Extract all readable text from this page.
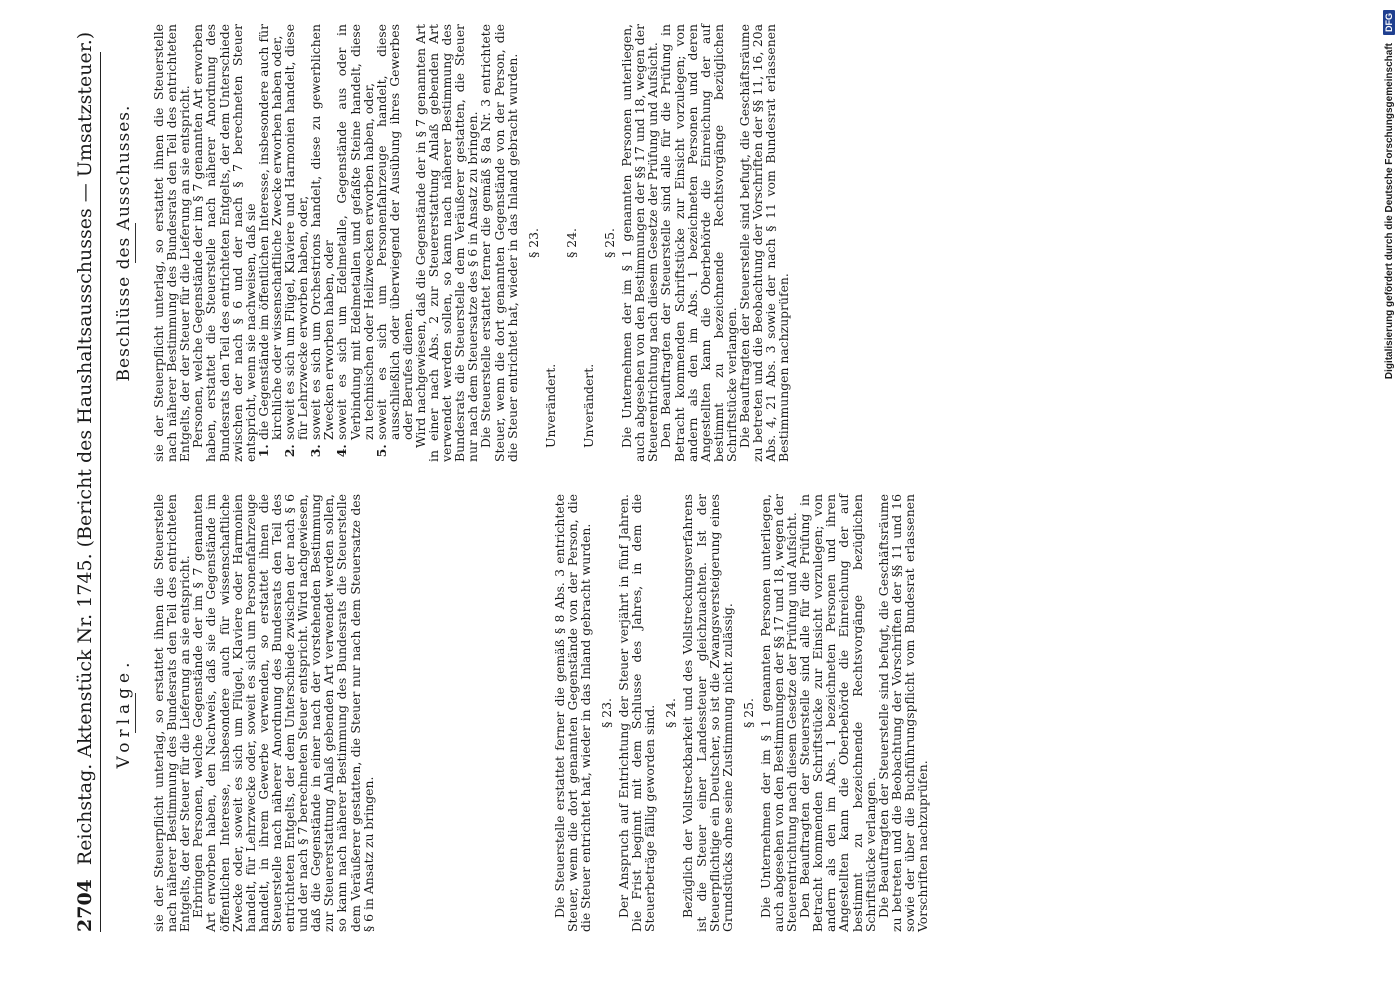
2704
Reichstag. Aktenstück Nr. 1745. (Bericht des Haushaltsausschusses — Umsatzsteuer.) Vorlage. sie der Steuerpflicht unterlag, so erstattet ihnen die Steuerstelle nach näherer Bestimmung des Bundesrats den Teil des entrichteten Entgelts, der der Steuer für die Lieferung an sie entspricht.

Erbringen Personen, welche Gegenstände der im § 7 genannten Art erworben haben, den Nachweis, daß sie die Gegenstände im öffentlichen Interesse, insbesondere auch für wissenschaftliche Zwecke oder, soweit es sich um Flügel, Klaviere oder Harmonien handelt, für Lehrzwecke oder, soweit es sich um Personenfahrzeuge handelt, in ihrem Gewerbe verwenden, so erstattet ihnen die Steuerstelle nach näherer Anordnung des Bundesrats den Teil des entrichteten Entgelts, der dem Unterschiede zwischen der nach § 6 und der nach § 7 berechneten Steuer entspricht. Wird nachgewiesen, daß die Gegenstände in einer nach der vorstehenden Bestimmung zur Steuererstattung Anlaß gebenden Art verwendet werden sollen, so kann nach näherer Bestimmung des Bundesrats die Steuerstelle dem Veräußerer gestatten, die Steuer nur nach dem Steuersatze des § 6 in Ansatz zu bringen.	Die Steuerstelle erstattet ferner die gemäß § 8 Abs. 3 entrichtete Steuer, wenn die dort genannten Gegenstände von der Person, die die Steuer entrichtet hat, wieder in das Inland gebracht wurden. § 23. Der Anspruch auf Entrichtung der Steuer verjährt in fünf Jahren. Die Frist beginnt mit dem Schlusse des Jahres, in dem die Steuerbeträge fällig geworden sind. § 24. Bezüglich der Vollstreckbarkeit und des Vollstreckungsverfahrens ist die Steuer einer Landessteuer gleichzuachten. Ist der Steuerpflichtige ein Deutscher, so ist die Zwangsversteigerung eines Grundstücks ohne seine Zustimmung nicht zulässig. § 25. Die Unternehmen der im § 1 genannten Personen unterliegen, auch abgesehen von den Bestimmungen der §§ 17 und 18, wegen der Steuerentrichtung nach diesem Gesetze der Prüfung und Aufsicht.

Den Beauftragten der Steuerstelle sind alle für die Prüfung in Betracht kommenden Schriftstücke zur Einsicht vorzulegen; von andern als den im Abs. 1 bezeichneten Personen und ihren Angestellten kann die Oberbehörde die Einreichung der auf bestimmt zu bezeichnende Rechtsvorgänge bezüglichen Schriftstücke verlangen.

Die Beauftragten der Steuerstelle sind befugt, die Geschäftsräume zu betreten und die Beobachtung der Vorschriften der §§ 11 und 16 sowie der über die Buchführungspflicht vom Bundesrat erlassenen Vorschriften nachzuprüfen.

Beschlüsse des Ausschusses. sie der Steuerpflicht unterlag, so erstattet ihnen die Steuerstelle nach näherer Bestimmung des Bundesrats den Teil des entrichteten Entgelts, der der Steuer für die Lieferung an sie entspricht.

Personen, welche Gegenstände der im § 7 genannten Art erworben haben, erstattet die Steuerstelle nach näherer Anordnung des Bundesrats den Teil des entrichteten Entgelts, der dem Unterschiede zwischen der nach § 6 und der nach § 7 berechneten Steuer entspricht, wenn sie nachweisen, daß sie

1. die Gegenstände im öffentlichen Interesse, insbesondere auch für kirchliche oder wissenschaftliche Zwecke erworben haben oder,
2. soweit es sich um Flügel, Klaviere und Harmonien handelt, diese für Lehrzwecke erworben haben, oder,
3. soweit es sich um Orchestrions handelt, diese zu gewerblichen Zwecken erworben haben, oder
4. soweit es sich um Edelmetalle, Gegenstände aus oder in Verbindung mit Edelmetallen und gefaßte Steine handelt, diese zu technischen oder Heilzwecken erworben haben, oder,
5. soweit es sich um Personenfahrzeuge handelt, diese ausschließlich oder überwiegend der Ausübung ihres Gewerbes oder Berufes dienen.

Wird nachgewiesen, daß die Gegenstände der in § 7 genannten Art in einer nach Abs. 2 zur Steuererstattung Anlaß gebenden Art verwendet werden sollen, so kann nach näherer Bestimmung des Bundesrats die Steuerstelle dem Veräußerer gestatten, die Steuer nur nach dem Steuersatze des § 6 in Ansatz zu bringen.

Die Steuerstelle erstattet ferner die gemäß § 8a Nr. 3 entrichtete Steuer, wenn die dort genannten Gegenstände von der Person, die die Steuer entrichtet hat, wieder in das Inland gebracht wurden. § 23.

Unverändert.

§ 24.

Unverändert.

§ 25. Die Unternehmen der im § 1 genannten Personen unterliegen, auch abgesehen von den Bestimmungen der §§ 17 und 18, wegen der Steuerentrichtung nach diesem Gesetze der Prüfung und Aufsicht.

Den Beauftragten der Steuerstelle sind alle für die Prüfung in Betracht kommenden Schriftstücke zur Einsicht vorzulegen; von andern als den im Abs. 1 bezeichneten Personen und deren Angestellten kann die Oberbehörde die Einreichung der auf bestimmt zu bezeichnende Rechtsvorgänge bezüglichen Schriftstücke verlangen.

Die Beauftragten der Steuerstelle sind befugt, die Geschäftsräume zu betreten und die Beobachtung der Vorschriften der §§ 11, 16, 20a Abs. 4, 21 Abs. 3 sowie der nach § 11 vom Bundesrat erlassenen Bestimmungen nachzuprüfen.	Digitalisierung gefördert durch die Deutsche Forschungsgemeinschaft
DFG
